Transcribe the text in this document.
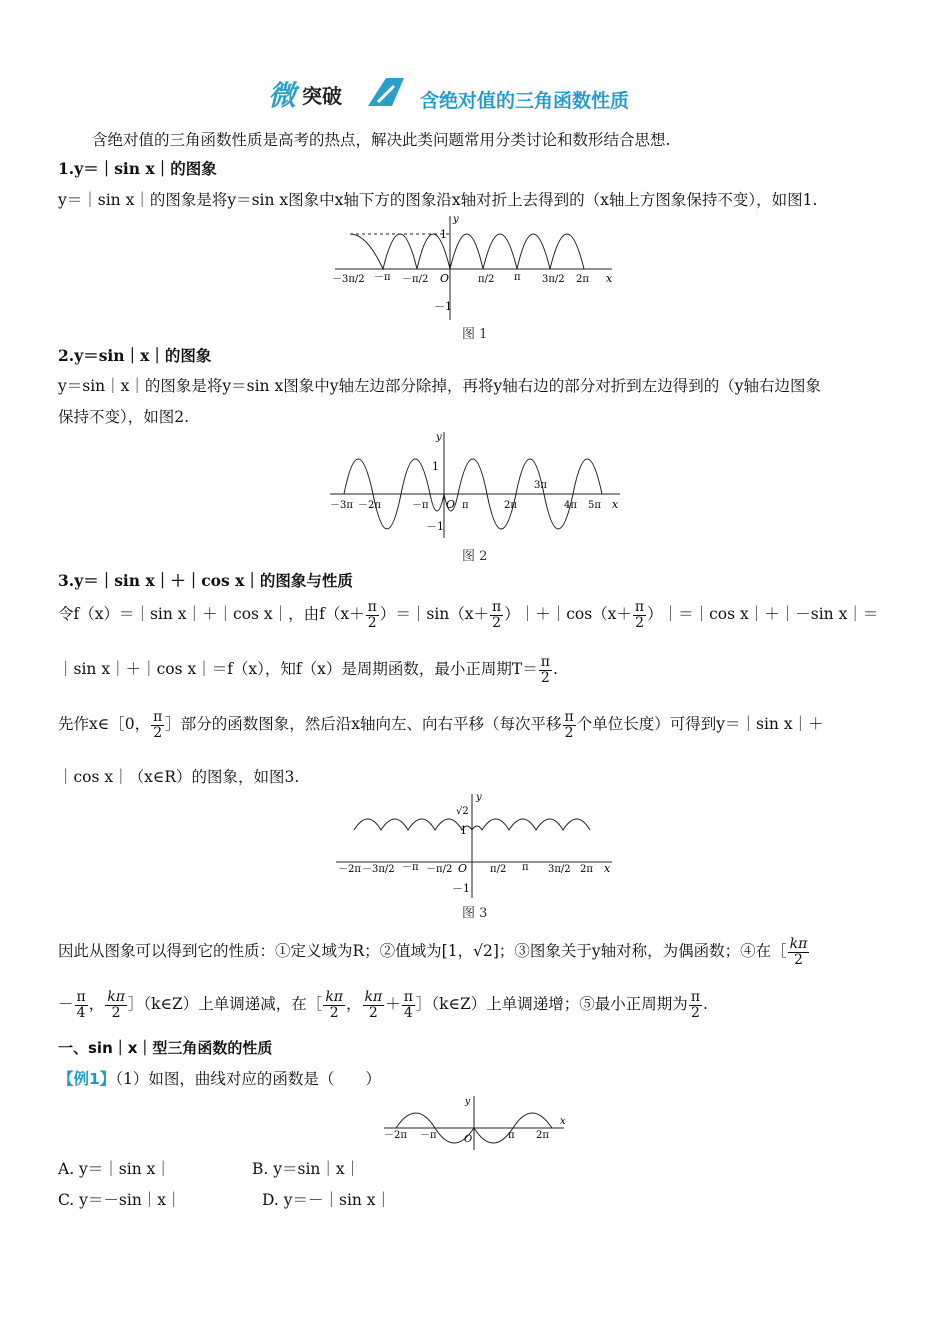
微 突破	含绝对值的三角函数性质
含绝对值的三角函数性质是高考的热点，解决此类问题常用分类讨论和数形结合思想.
1.y＝｜sin x｜的图象
y＝｜sin x｜的图象是将y＝sin x图象中x轴下方的图象沿x轴对折上去得到的（x轴上方图象保持不变），如图1.
y
x
1
－1
O
－3π/2 －π －π/2	π/2 π 3π/2 2π
图 1
2.y＝sin｜x｜的图象
y＝sin｜x｜的图象是将y＝sin x图象中y轴左边部分除掉，再将y轴右边的部分对折到左边得到的（y轴右边图象
保持不变），如图2.
y
x
1
－1
O
－3π －2π	－π	π	2π
3π
4π 5π
图 2
3.y＝｜sin x｜＋｜cos x｜的图象与性质
令f（x）＝｜sin x｜＋｜cos x｜，由$f(x+ \frac{\pi}{2}$ ）＝｜sin（x＋ $\frac{\pi}{2}$ ）｜＋｜cos（x＋ $\frac{\pi}{2}$ ）｜＝｜cos x｜＋｜－sin x｜＝
｜sin x｜＋｜cos x｜＝f（x），知f（x）是周期函数，最小正周期$T= \frac{\pi}{2}$ .
先作x∈［0， $\frac{\pi}{2}$ ］部分的函数图象，然后沿x轴向左、向右平移（每次平移 $\frac{\pi}{2}$ 个单位长度）可得到y＝｜sin x｜＋
｜cos x｜（x∈R）的图象，如图3.
y
x
√2
1
－1
O
－2π －3π/2 －π －π/2	π/2 π 3π/2 2π
图 3
因此从图象可以得到它的性质：①定义域为R；②值域为[1，√2]；③图象关于y轴对称，为偶函数；④在［ $\frac{k\pi}{2}$
－ $\frac{\pi}{4}$ ， $\frac{k\pi}{2}$ ］（k∈Z）上单调递减，在［ $\frac{k\pi}{2}$ ， $\frac{k\pi}{2} + \frac{\pi}{4}$ ］（k∈Z）上单调递增；⑤最小正周期为 $\frac{\pi}{2}$ .
一、sin｜x｜型三角函数的性质
【例1】（1）如图，曲线对应的函数是（　　）
y
x
O
－2π －π	π 2π
A. y＝｜sin x｜	B. y＝sin｜x｜
C. y＝－sin｜x｜	D. y＝－｜sin x｜
